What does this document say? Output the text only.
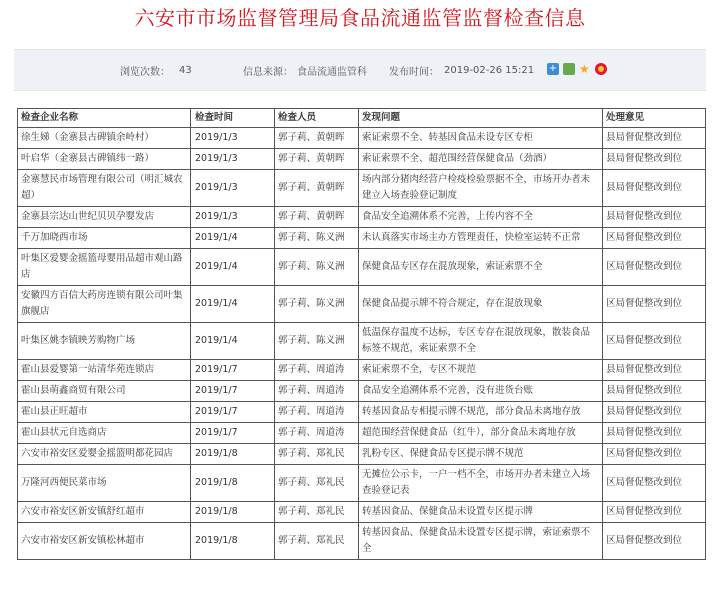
六安市市场监督管理局食品流通监管监督检查信息
浏览次数： 43	信息来源： 食品流通监管科 发布时间： 2019-02-26 15:21 + ★
检查企业名称	检查时间	检查人员	发现问题	处理意见
徐生娣（金寨县古碑镇余岭村）	2019/1/3	郭子莉、黄朝晖	索证索票不全、转基因食品未设专区专柜	县局督促整改到位
叶启华（金寨县古碑镇纬一路）	2019/1/3	郭子莉、黄朝晖	索证索票不全、超范围经营保健食品（劲酒）	县局督促整改到位
金寨慧民市场管理有限公司（明汇城农超）	2019/1/3	郭子莉、黄朝晖	场内部分猪肉经营户检疫检验票据不全，市场开办者未建立入场查验登记制度	县局督促整改到位
金寨县宗达山世纪贝贝孕婴发店	2019/1/3	郭子莉、黄朝晖	食品安全追溯体系不完善，上传内容不全	县局督促整改到位
千万加晓西市场	2019/1/4	郭子莉、陈义洲	未认真落实市场主办方管理责任，快检室运转不正常	区局督促整改到位
叶集区爱婴金摇篮母婴用品超市观山路店	2019/1/4	郭子莉、陈义洲	保健食品专区存在混放现象，索证索票不全	区局督促整改到位
安徽四方百信大药房连锁有限公司叶集旗舰店	2019/1/4	郭子莉、陈义洲	保健食品提示牌不符合规定，存在混放现象	区局督促整改到位
叶集区姚李镇映芳购物广场	2019/1/4	郭子莉、陈义洲	低温保存温度不达标，专区专存在混放现象，散装食品标签不规范，索证索票不全	区局督促整改到位
霍山县爱婴第一站清华苑连锁店	2019/1/7	郭子莉、周道涛	索证索票不全，专区不规范	县局督促整改到位
霍山县萌鑫商贸有限公司	2019/1/7	郭子莉、周道涛	食品安全追溯体系不完善，没有进货台账	县局督促整改到位
霍山县正旺超市	2019/1/7	郭子莉、周道涛	转基因食品专相提示牌不规范，部分食品未离地存放	县局督促整改到位
霍山县状元自选商店	2019/1/7	郭子莉、周道涛	超范围经营保健食品（红牛），部分食品未离地存放	县局督促整改到位
六安市裕安区爱婴金摇篮明都花园店	2019/1/8	郭子莉、郑礼民	乳粉专区、保健食品专区提示牌不规范	区局督促整改到位
万隆河西便民菜市场	2019/1/8	郭子莉、郑礼民	无摊位公示卡，一户一档不全，市场开办者未建立入场查验登记表	区局督促整改到位
六安市裕安区新安镇舒红超市	2019/1/8	郭子莉、郑礼民	转基因食品、保健食品未设置专区提示牌	区局督促整改到位
六安市裕安区新安镇松林超市	2019/1/8	郭子莉、郑礼民	转基因食品、保健食品未设置专区提示牌，索证索票不全	区局督促整改到位
